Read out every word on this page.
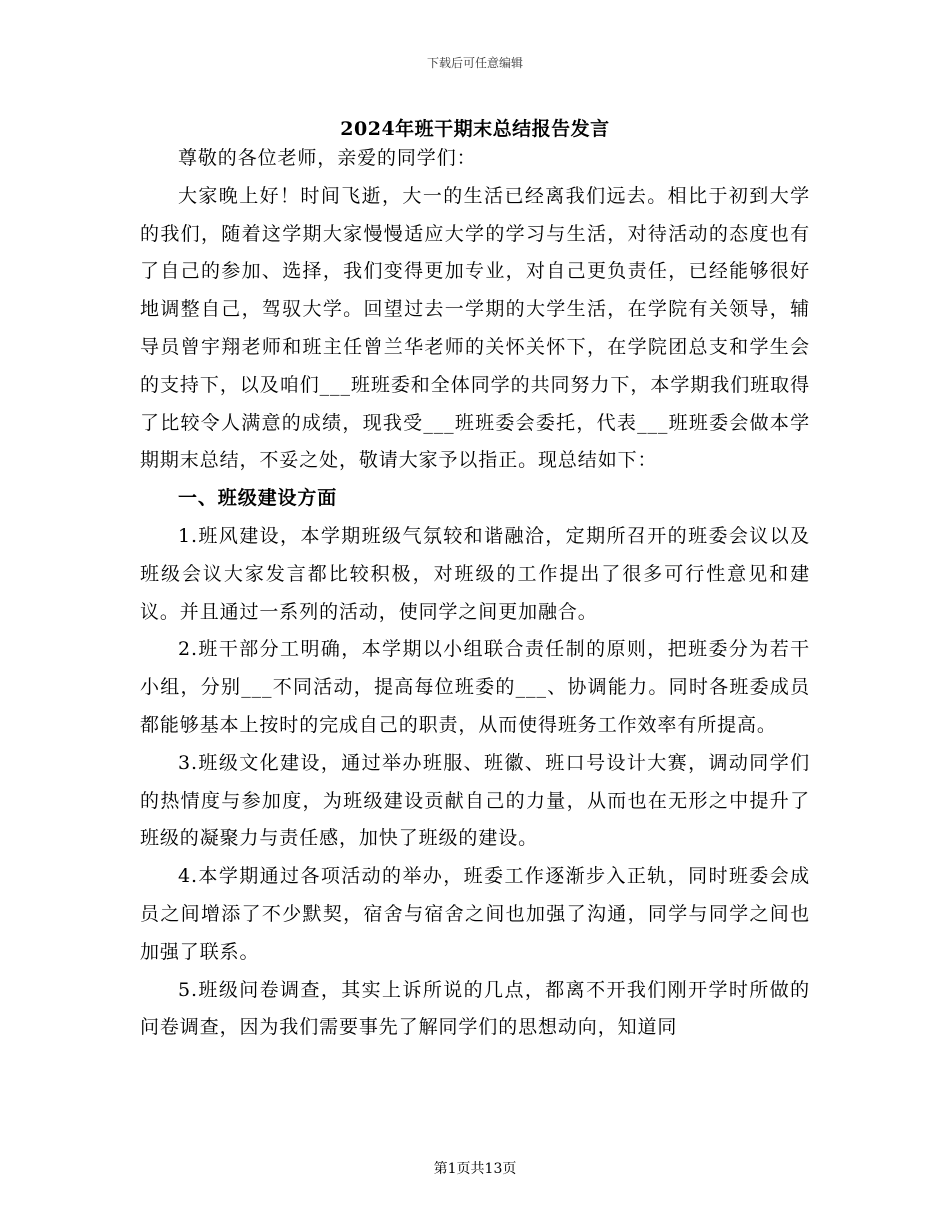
下载后可任意编辑
2024年班干期末总结报告发言

尊敬的各位老师，亲爱的同学们：

大家晚上好！时间飞逝，大一的生活已经离我们远去。相比于初到大学的我们，随着这学期大家慢慢适应大学的学习与生活，对待活动的态度也有了自己的参加、选择，我们变得更加专业，对自己更负责任，已经能够很好地调整自己，驾驭大学。回望过去一学期的大学生活，在学院有关领导，辅导员曾宇翔老师和班主任曾兰华老师的关怀关怀下，在学院团总支和学生会的支持下，以及咱们___班班委和全体同学的共同努力下，本学期我们班取得了比较令人满意的成绩，现我受___班班委会委托，代表___班班委会做本学期期末总结，不妥之处，敬请大家予以指正。现总结如下：

一、班级建设方面

1.班风建设，本学期班级气氛较和谐融洽，定期所召开的班委会议以及班级会议大家发言都比较积极，对班级的工作提出了很多可行性意见和建议。并且通过一系列的活动，使同学之间更加融合。

2.班干部分工明确，本学期以小组联合责任制的原则，把班委分为若干小组，分别___不同活动，提高每位班委的___、协调能力。同时各班委成员都能够基本上按时的完成自己的职责，从而使得班务工作效率有所提高。

3.班级文化建设，通过举办班服、班徽、班口号设计大赛，调动同学们的热情度与参加度，为班级建设贡献自己的力量，从而也在无形之中提升了班级的凝聚力与责任感，加快了班级的建设。

4.本学期通过各项活动的举办，班委工作逐渐步入正轨，同时班委会成员之间增添了不少默契，宿舍与宿舍之间也加强了沟通，同学与同学之间也加强了联系。

5.班级问卷调查，其实上诉所说的几点，都离不开我们刚开学时所做的问卷调查，因为我们需要事先了解同学们的思想动向，知道同

第1页共13页
